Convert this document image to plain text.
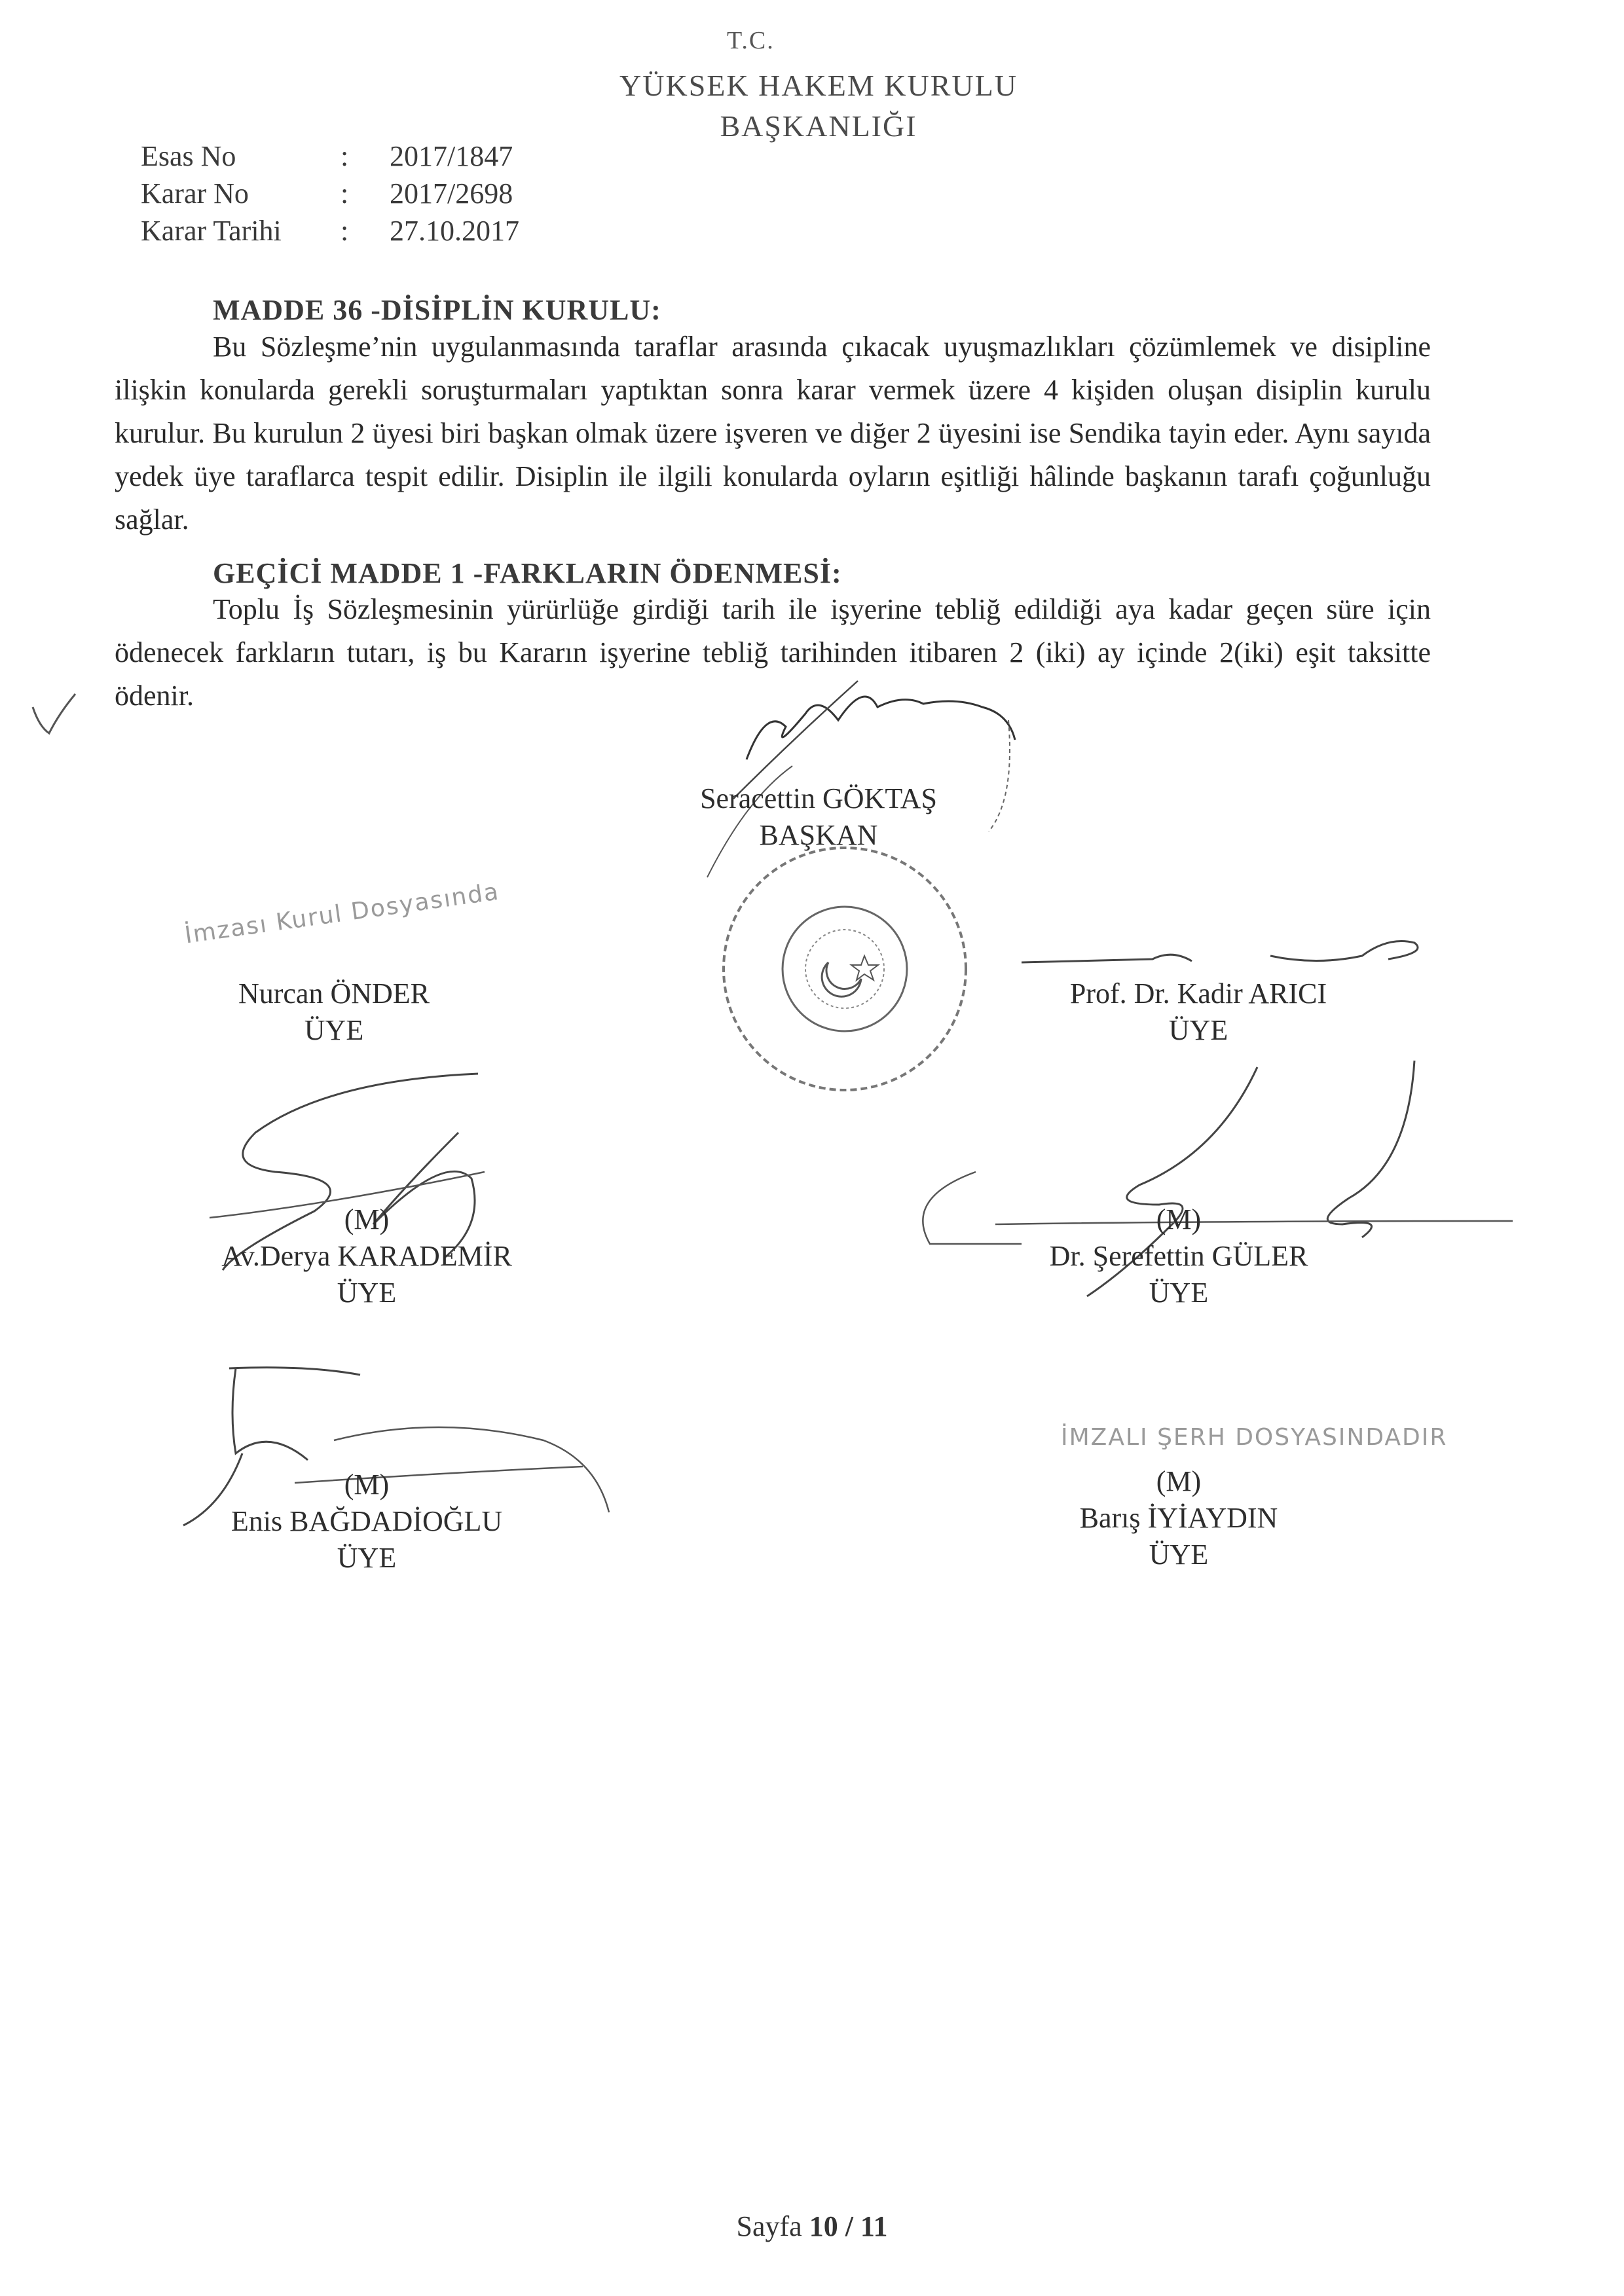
T.C.
YÜKSEK HAKEM KURULU
BAŞKANLIĞI
Esas No	: 2017/1847
Karar No	: 2017/2698
Karar Tarihi : 27.10.2017
MADDE 36 -DİSİPLİN KURULU:

Bu Sözleşme’nin uygulanmasında taraflar arasında çıkacak uyuşmazlıkları çözümlemek ve disipline ilişkin konularda gerekli soruşturmaları yaptıktan sonra karar vermek üzere 4 kişiden oluşan disiplin kurulu kurulur. Bu kurulun 2 üyesi biri başkan olmak üzere işveren ve diğer 2 üyesini ise Sendika tayin eder. Aynı sayıda yedek üye taraflarca tespit edilir. Disiplin ile ilgili konularda oyların eşitliği hâlinde başkanın tarafı çoğunluğu sağlar.

GEÇİCİ MADDE 1 -FARKLARIN ÖDENMESİ:

Toplu İş Sözleşmesinin yürürlüğe girdiği tarih ile işyerine tebliğ edildiği aya kadar geçen süre için ödenecek farkların tutarı, iş bu Kararın işyerine tebliğ tarihinden itibaren 2 (iki) ay içinde 2(iki) eşit taksitte ödenir.

Seracettin GÖKTAŞ
BAŞKAN
İmzası Kurul Dosyasında
Nurcan ÖNDER
ÜYE
Prof. Dr. Kadir ARICI
ÜYE
(M)
Av.Derya KARADEMİR
ÜYE
(M)
Dr. Şerefettin GÜLER
ÜYE
(M)
Enis BAĞDADİOĞLU
ÜYE
İMZALI ŞERH DOSYASINDADIR
(M)
Barış İYİAYDIN
ÜYE
Sayfa 10 / 11
